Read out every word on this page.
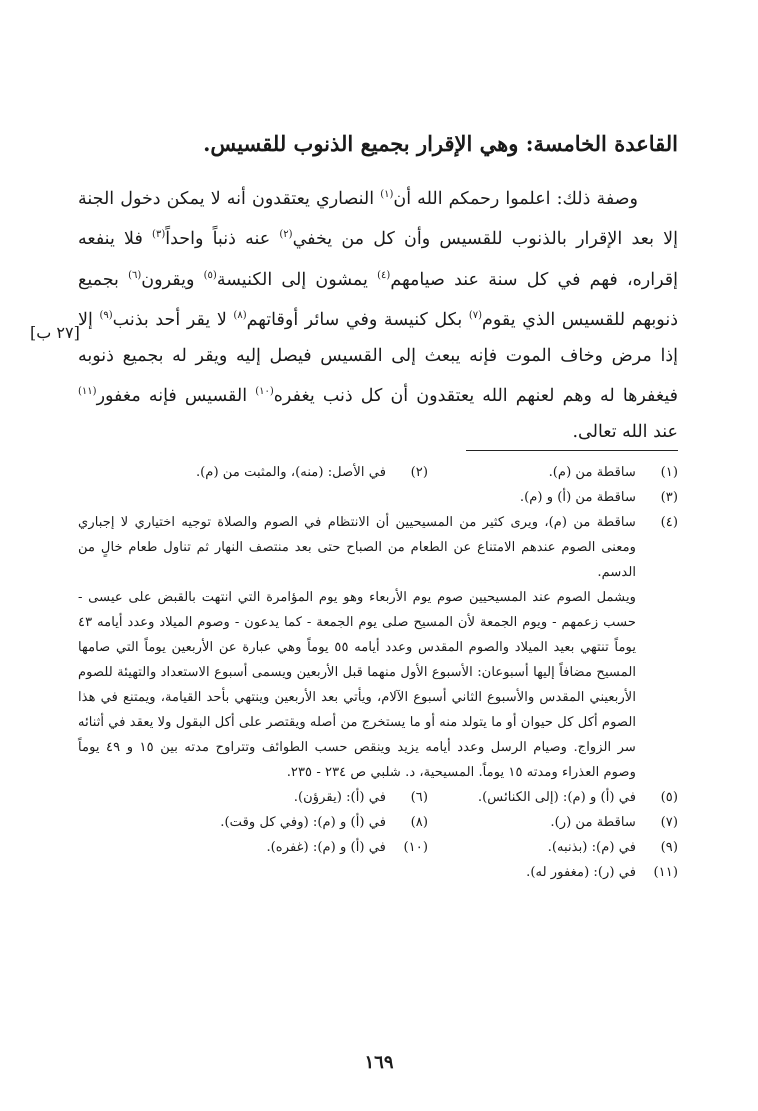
القاعدة الخامسة: وهي الإقرار بجميع الذنوب للقسيس.

وصفة ذلك: اعلموا رحمكم الله أن$^{(١)}$ النصاري يعتقدون أنه لا يمكن دخول الجنة إلا بعد الإقرار بالذنوب للقسيس وأن كل من يخفي$^{(٢)}$ عنه ذنباً واحداً$^{(٣)}$ فلا ينفعه إقراره، فهم في كل سنة عند صيامهم$^{(٤)}$ يمشون إلى الكنيسة$^{(٥)}$ ويقرون$^{(٦)}$ بجميع ذنوبهم للقسيس الذي يقوم$^{(٧)}$ بكل كنيسة وفي سائر أوقاتهم$^{(٨)}$ لا يقر أحد بذنب$^{(٩)}$ إلا إذا مرض وخاف الموت فإنه يبعث إلى القسيس فيصل إليه ويقر له بجميع ذنوبه فيغفرها له وهم لعنهم الله يعتقدون أن كل ذنب يغفره$^{(١٠)}$ القسيس فإنه مغفور$^{(١١)}$ عند الله تعالى.

[٢٧ ب]
(١)
ساقطة من (م).
(٢)
في الأصل: (منه)، والمثبت من (م).
(٣)
ساقطة من (أ) و (م).
(٤)

ساقطة من (م)، ويرى كثير من المسيحيين أن الانتظام في الصوم والصلاة توجيه اختياري لا إجباري ومعنى الصوم عندهم الامتناع عن الطعام من الصباح حتى بعد منتصف النهار ثم تناول طعام خالٍ من الدسم.

ويشمل الصوم عند المسيحيين صوم يوم الأربعاء وهو يوم المؤامرة التي انتهت بالقبض على عيسى - حسب زعمهم - ويوم الجمعة لأن المسيح صلى يوم الجمعة - كما يدعون - وصوم الميلاد وعدد أيامه ٤٣ يوماً تنتهي بعيد الميلاد والصوم المقدس وعدد أيامه ٥٥ يوماً وهي عبارة عن الأربعين يوماً التي صامها المسيح مضافاً إليها أسبوعان: الأسبوع الأول منهما قبل الأربعين ويسمى أسبوع الاستعداد والتهيئة للصوم الأربعيني المقدس والأسبوع الثاني أسبوع الآلام، ويأتي بعد الأربعين وينتهي بأحد القيامة، ويمتنع في هذا الصوم أكل كل حيوان أو ما يتولد منه أو ما يستخرج من أصله ويقتصر على أكل البقول ولا يعقد في أثنائه سر الزواج. وصيام الرسل وعدد أيامه يزيد وينقص حسب الطوائف وتتراوح مدته بين ١٥ و ٤٩ يوماً وصوم العذراء ومدته ١٥ يوماً. المسيحية، د. شلبي ص ٢٣٤ - ٢٣٥.

(٥)
في (أ) و (م): (إلى الكنائس).
(٦)
في (أ): (يقرؤن).
(٧)
ساقطة من (ر).
(٨)
في (أ) و (م): (وفي كل وقت).
(٩)
في (م): (بذنبه).
(١٠)
في (أ) و (م): (غفره).
(١١)
في (ر): (مغفور له).
١٦٩
